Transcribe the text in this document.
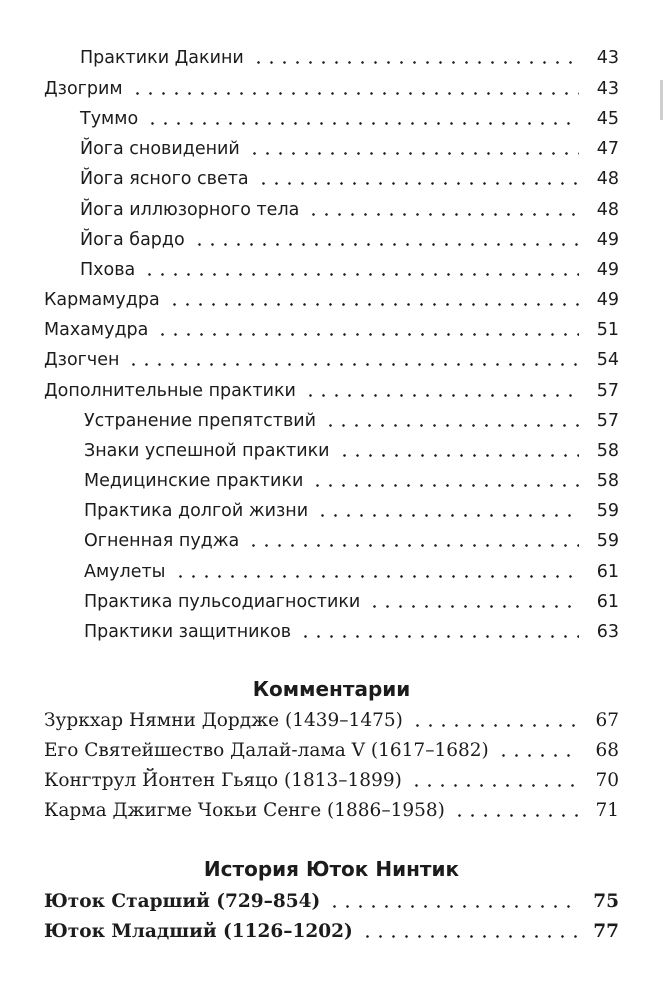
Практики Дакини	43
Дзогрим	43
Туммо	45
Йога сновидений	47
Йога ясного света	48
Йога иллюзорного тела	48
Йога бардо	49
Пхова	49
Кармамудра	49
Махамудра	51
Дзогчен	54
Дополнительные практики	57
Устранение препятствий	57
Знаки успешной практики	58
Медицинские практики	58
Практика долгой жизни	59
Огненная пуджа	59
Амулеты	61
Практика пульсодиагностики	61
Практики защитников	63
Комментарии
Зуркхар Нямни Дордже (1439–1475)	67
Его Святейшество Далай-лама V (1617–1682)	68
Конгтрул Йонтен Гьяцо (1813–1899)	70
Карма Джигме Чокьи Сенге (1886–1958)	71
История Юток Нинтик
Юток Старший (729–854)	75
Юток Младший (1126–1202)	77
